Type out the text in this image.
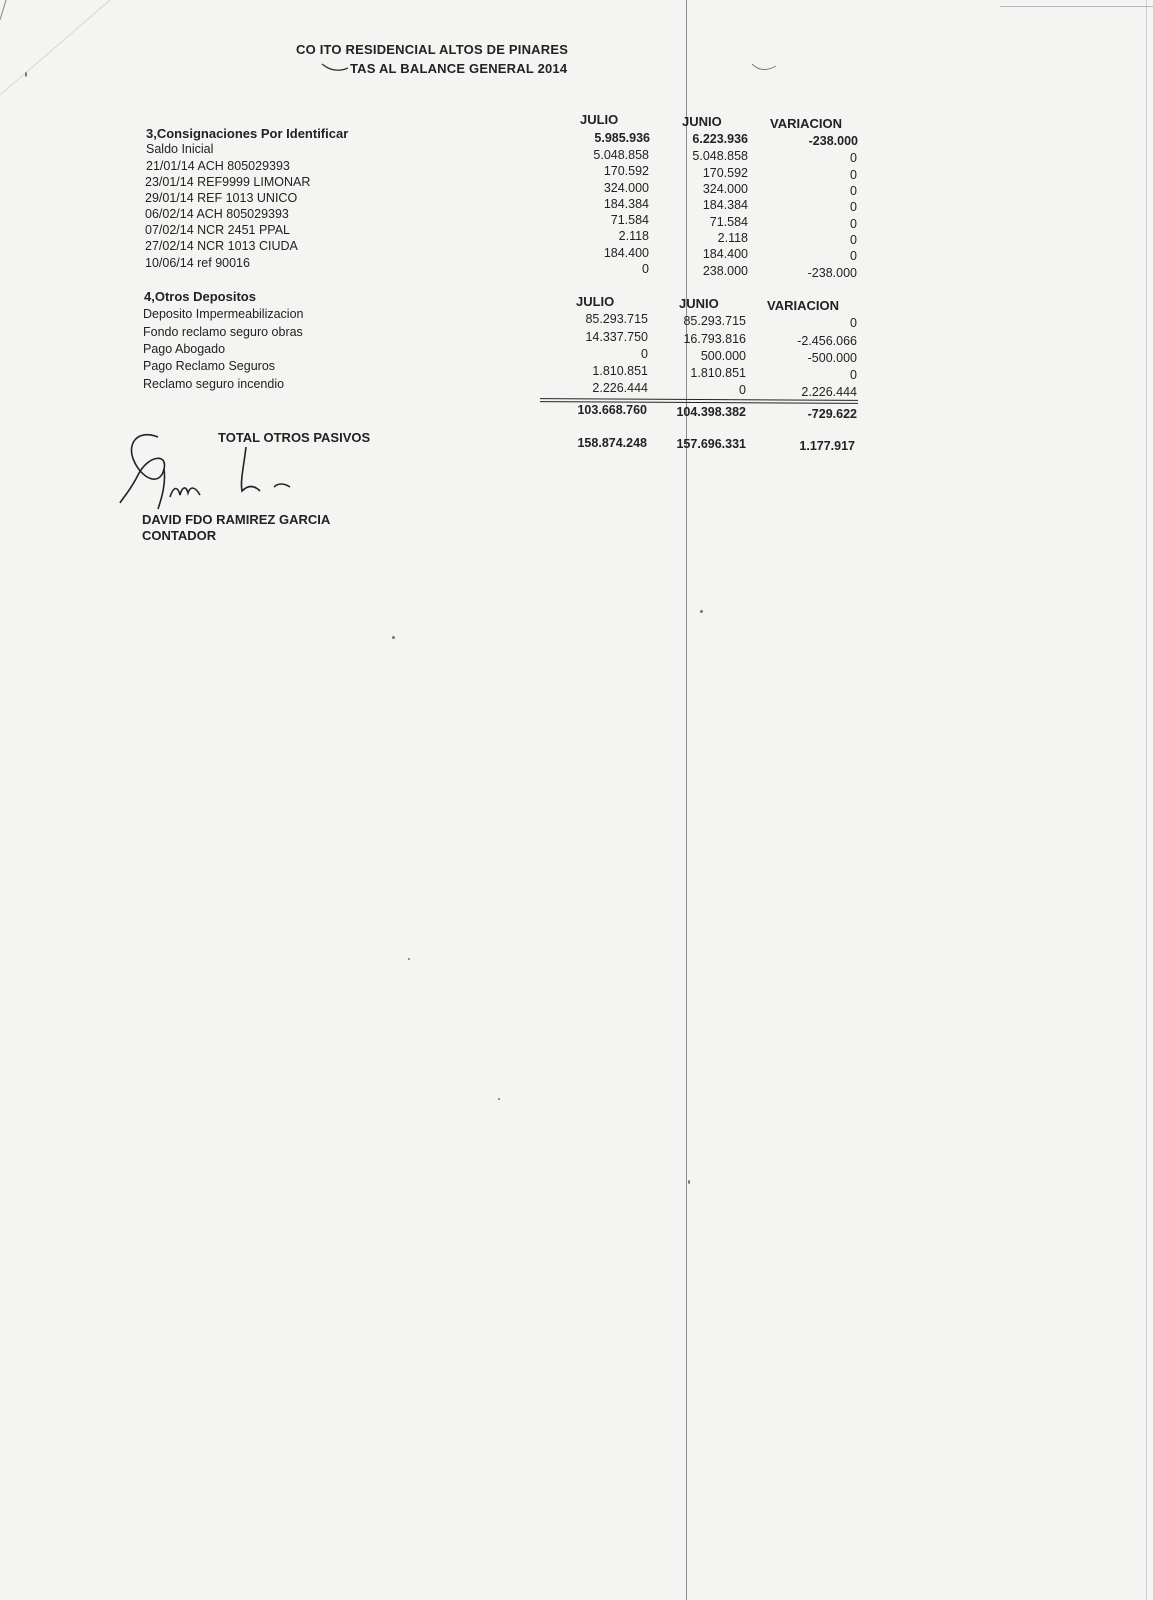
CO ITO RESIDENCIAL ALTOS DE PINARES
TAS AL BALANCE GENERAL 2014
JULIO	JUNIO	VARIACION
3,Consignaciones Por Identificar	5.985.936	6.223.936	-238.000
Saldo Inicial	5.048.858	5.048.858	0
21/01/14 ACH 805029393	170.592	170.592	0
23/01/14 REF9999 LIMONAR	324.000	324.000	0
29/01/14 REF 1013 UNICO	184.384	184.384	0
06/02/14 ACH 805029393	71.584	71.584	0
07/02/14 NCR 2451 PPAL	2.118	2.118	0
27/02/14 NCR 1013 CIUDA	184.400	184.400	0
10/06/14 ref 90016	0	238.000	-238.000
4,Otros Depositos	JULIO	JUNIO	VARIACION
Deposito Impermeabilizacion	85.293.715	85.293.715	0
Fondo reclamo seguro obras	14.337.750	16.793.816	-2.456.066
Pago Abogado	0	500.000	-500.000
Pago Reclamo Seguros	1.810.851	1.810.851	0
Reclamo seguro incendio	2.226.444	0	2.226.444
103.668.760 104.398.382	-729.622
TOTAL OTROS PASIVOS	158.874.248 157.696.331	1.177.917
DAVID FDO RAMIREZ GARCIA
CONTADOR
